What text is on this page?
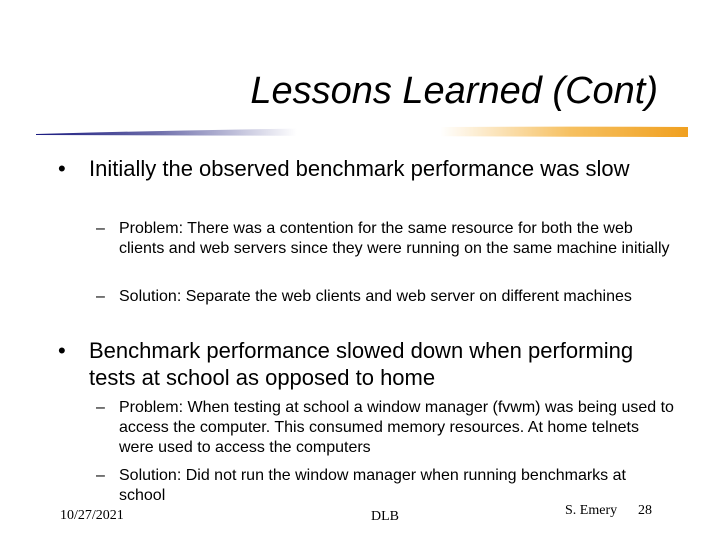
Lessons Learned (Cont)
• Initially the observed benchmark performance was slow
– Problem: There was a contention for the same resource for both the web clients and web servers since they were running on the same machine initially
– Solution: Separate the web clients and web server on different machines
• Benchmark performance slowed down when performing tests at school as opposed to home
– Problem: When testing at school a window manager (fvwm) was being used to access the computer. This consumed memory resources. At home telnets were used to access the computers
– Solution: Did not run the window manager when running benchmarks at school
10/27/2021	DLB	S. Emery 28
